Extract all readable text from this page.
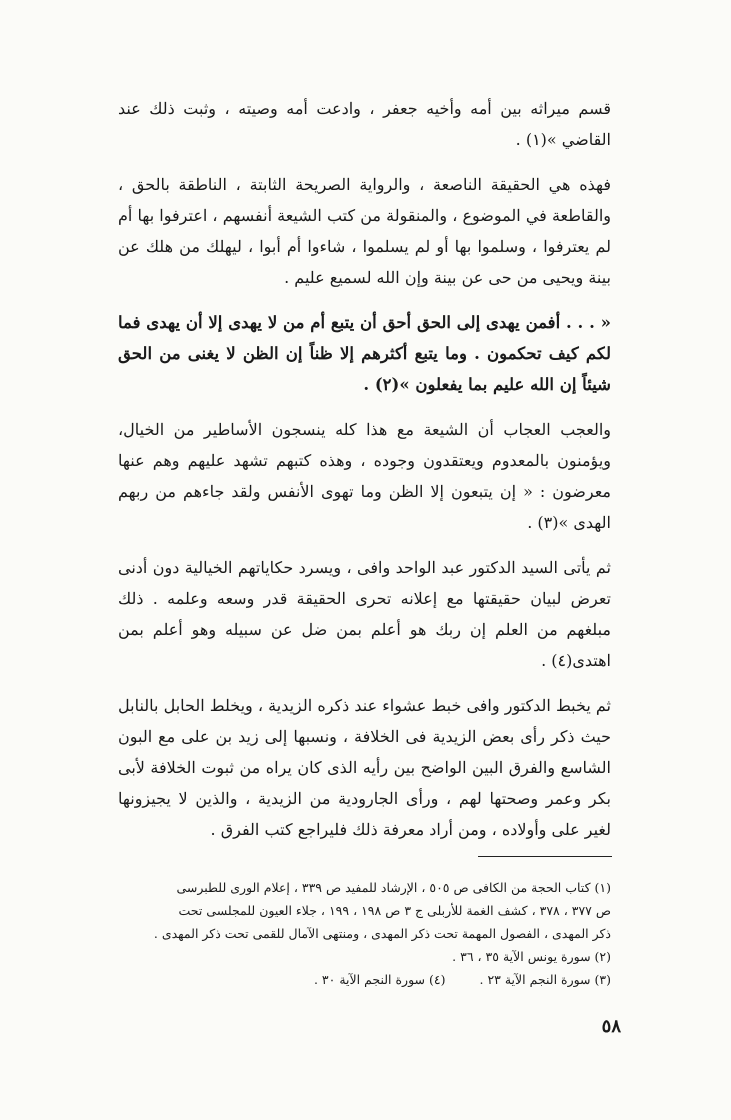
قسم ميراثه بين أمه وأخيه جعفر ، وادعت أمه وصيته ، وثبت ذلك عند القاضي »(١) .

فهذه هي الحقيقة الناصعة ، والرواية الصريحة الثابتة ، الناطقة بالحق ، والقاطعة في الموضوع ، والمنقولة من كتب الشيعة أنفسهم ، اعترفوا بها أم لم يعترفوا ، وسلموا بها أو لم يسلموا ، شاءوا أم أبوا ، ليهلك من هلك عن بينة ويحيى من حى عن بينة وإن الله لسميع عليم .

« . . . أفمن يهدى إلى الحق أحق أن يتبع أم من لا يهدى إلا أن يهدى فما لكم كيف تحكمون . وما يتبع أكثرهم إلا ظناً إن الظن لا يغنى من الحق شيئاً إن الله عليم بما يفعلون »(٢) .

والعجب العجاب أن الشيعة مع هذا كله ينسجون الأساطير من الخيال، ويؤمنون بالمعدوم ويعتقدون وجوده ، وهذه كتبهم تشهد عليهم وهم عنها معرضون : « إن يتبعون إلا الظن وما تهوى الأنفس ولقد جاءهم من ربهم الهدى »(٣) .

ثم يأتى السيد الدكتور عبد الواحد وافى ، ويسرد حكاياتهم الخيالية دون أدنى تعرض لبيان حقيقتها مع إعلانه تحرى الحقيقة قدر وسعه وعلمه . ذلك مبلغهم من العلم إن ربك هو أعلم بمن ضل عن سبيله وهو أعلم بمن اهتدى(٤) .

ثم يخبط الدكتور وافى خبط عشواء عند ذكره الزيدية ، ويخلط الحابل بالنابل حيث ذكر رأى بعض الزيدية فى الخلافة ، ونسبها إلى زيد بن على مع البون الشاسع والفرق البين الواضح بين رأيه الذى كان يراه من ثبوت الخلافة لأبى بكر وعمر وصحتها لهم ، ورأى الجارودية من الزيدية ، والذين لا يجيزونها لغير على وأولاده ، ومن أراد معرفة ذلك فليراجع كتب الفرق .

(١) كتاب الحجة من الكافى ص ٥٠٥ ، الإرشاد للمفيد ص ٣٣٩ ، إعلام الورى للطبرسى
ص ٣٧٧ ، ٣٧٨ ، كشف الغمة للأربلى ج ٣ ص ١٩٨ ، ١٩٩ ، جلاء العيون للمجلسى تحت
ذكر المهدى ، الفصول المهمة تحت ذكر المهدى ، ومنتهى الآمال للقمى تحت ذكر المهدى .
(٢) سورة يونس الآية ٣٥ ، ٣٦ .
(٣) سورة النجم الآية ٢٣ .
(٤) سورة النجم الآية ٣٠ .
٥٨
